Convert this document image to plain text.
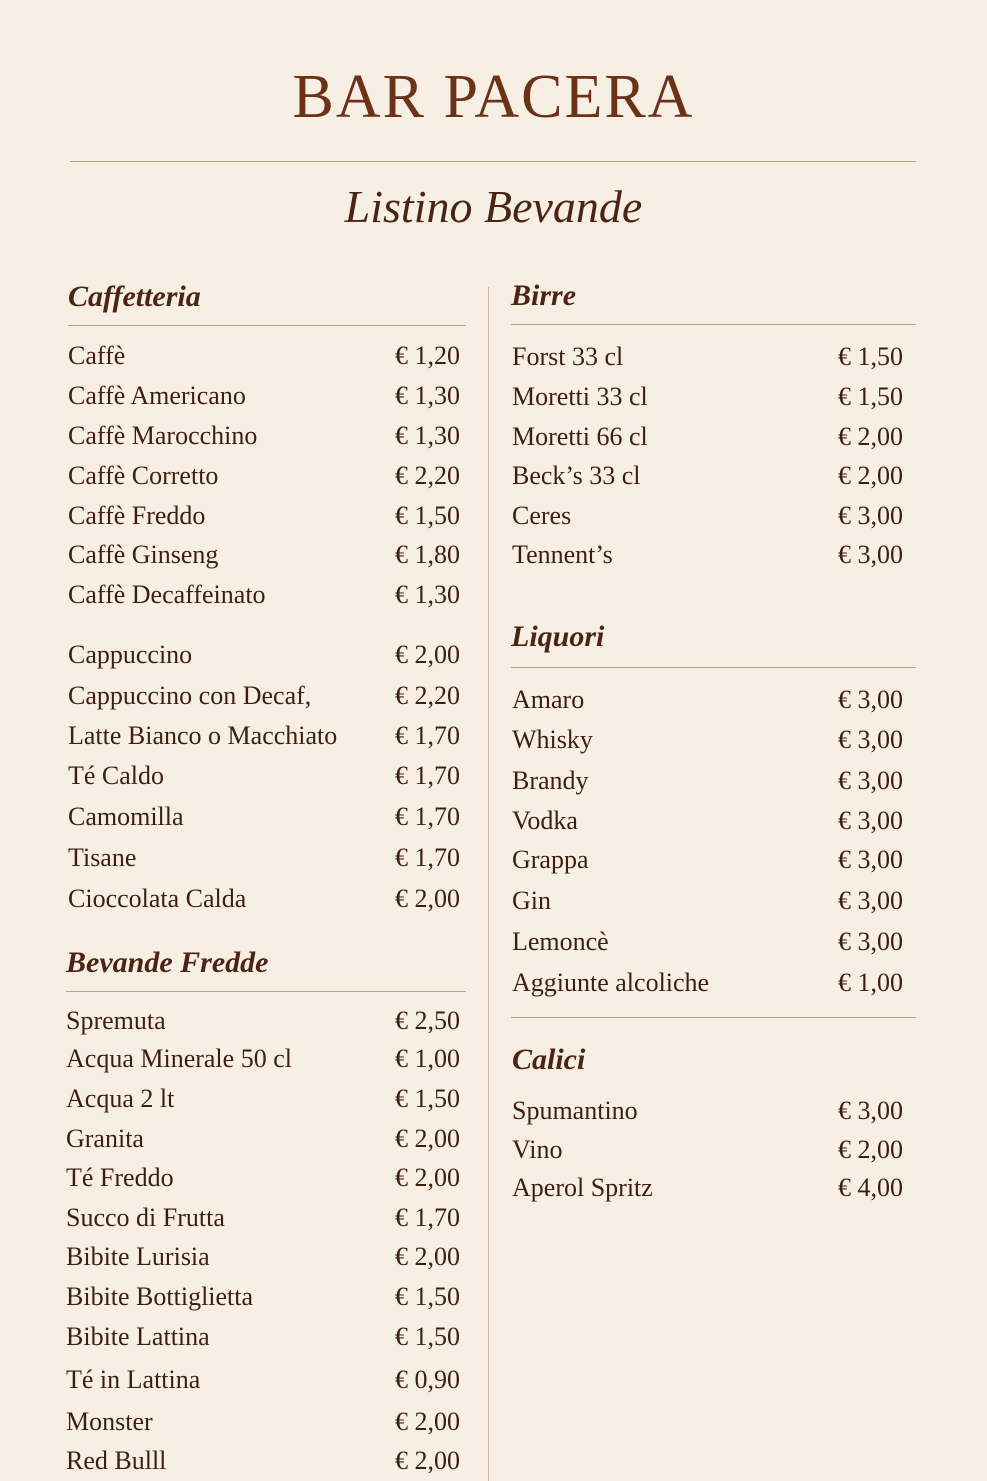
BAR PACERA
Listino Bevande
Caffetteria
Caffè	€ 1,20
Caffè Americano	€ 1,30
Caffè Marocchino	€ 1,30
Caffè Corretto	€ 2,20
Caffè Freddo	€ 1,50
Caffè Ginseng	€ 1,80
Caffè Decaffeinato	€ 1,30
Cappuccino	€ 2,00
Cappuccino con Decaf,	€ 2,20
Latte Bianco o Macchiato € 1,70
Té Caldo	€ 1,70
Camomilla	€ 1,70
Tisane	€ 1,70
Cioccolata Calda	€ 2,00
Bevande Fredde
Spremuta	€ 2,50
Acqua Minerale 50 cl	€ 1,00
Acqua 2 lt	€ 1,50
Granita	€ 2,00
Té Freddo	€ 2,00
Succo di Frutta	€ 1,70
Bibite Lurisia	€ 2,00
Bibite Bottiglietta	€ 1,50
Bibite Lattina	€ 1,50
Té in Lattina	€ 0,90
Monster	€ 2,00
Red Bulll	€ 2,00
Birre
Forst 33 cl	€ 1,50
Moretti 33 cl	€ 1,50
Moretti 66 cl	€ 2,00
Beck’s 33 cl	€ 2,00
Ceres	€ 3,00
Tennent’s	€ 3,00
Liquori
Amaro	€ 3,00
Whisky	€ 3,00
Brandy	€ 3,00
Vodka	€ 3,00
Grappa	€ 3,00
Gin	€ 3,00
Lemoncè	€ 3,00
Aggiunte alcoliche	€ 1,00
Calici
Spumantino	€ 3,00
Vino	€ 2,00
Aperol Spritz	€ 4,00
